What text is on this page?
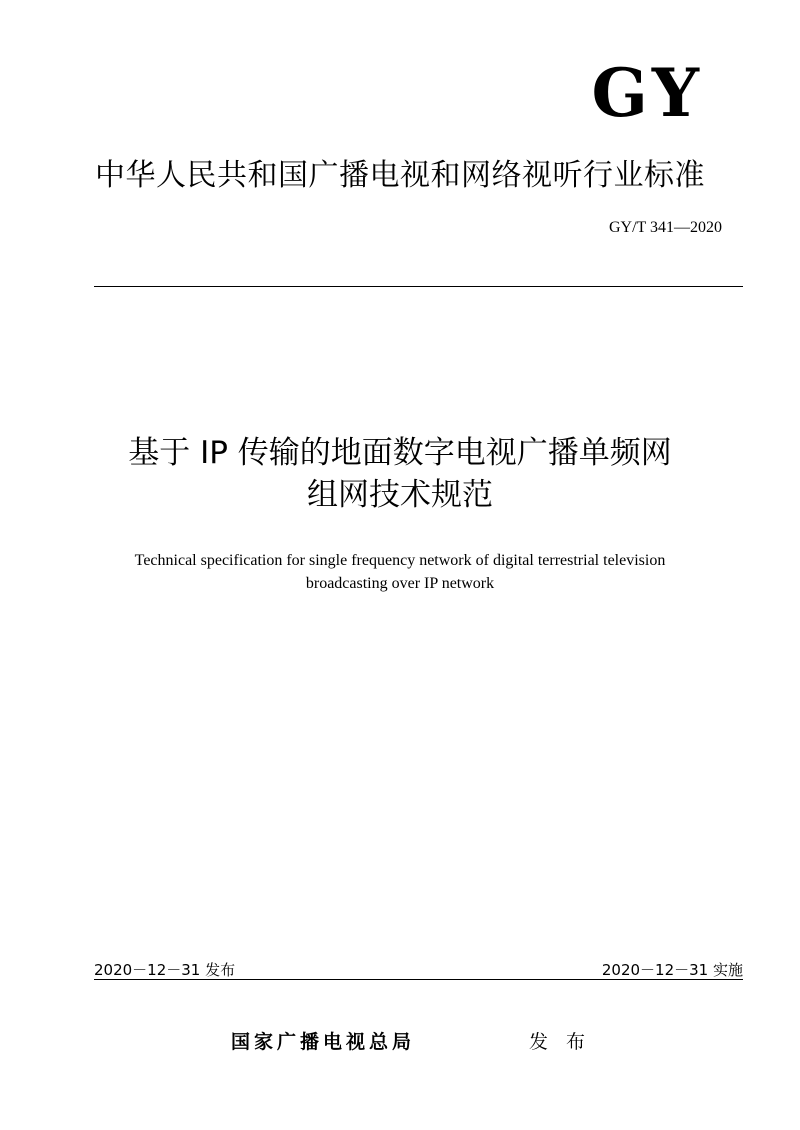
GY
中华人民共和国广播电视和网络视听行业标准
GY/T 341—2020
基于 IP 传输的地面数字电视广播单频网
组网技术规范
Technical specification for single frequency network of digital terrestrial television
broadcasting over IP network
2020－12－31 发布	2020－12－31 实施
国家广播电视总局	发 布
